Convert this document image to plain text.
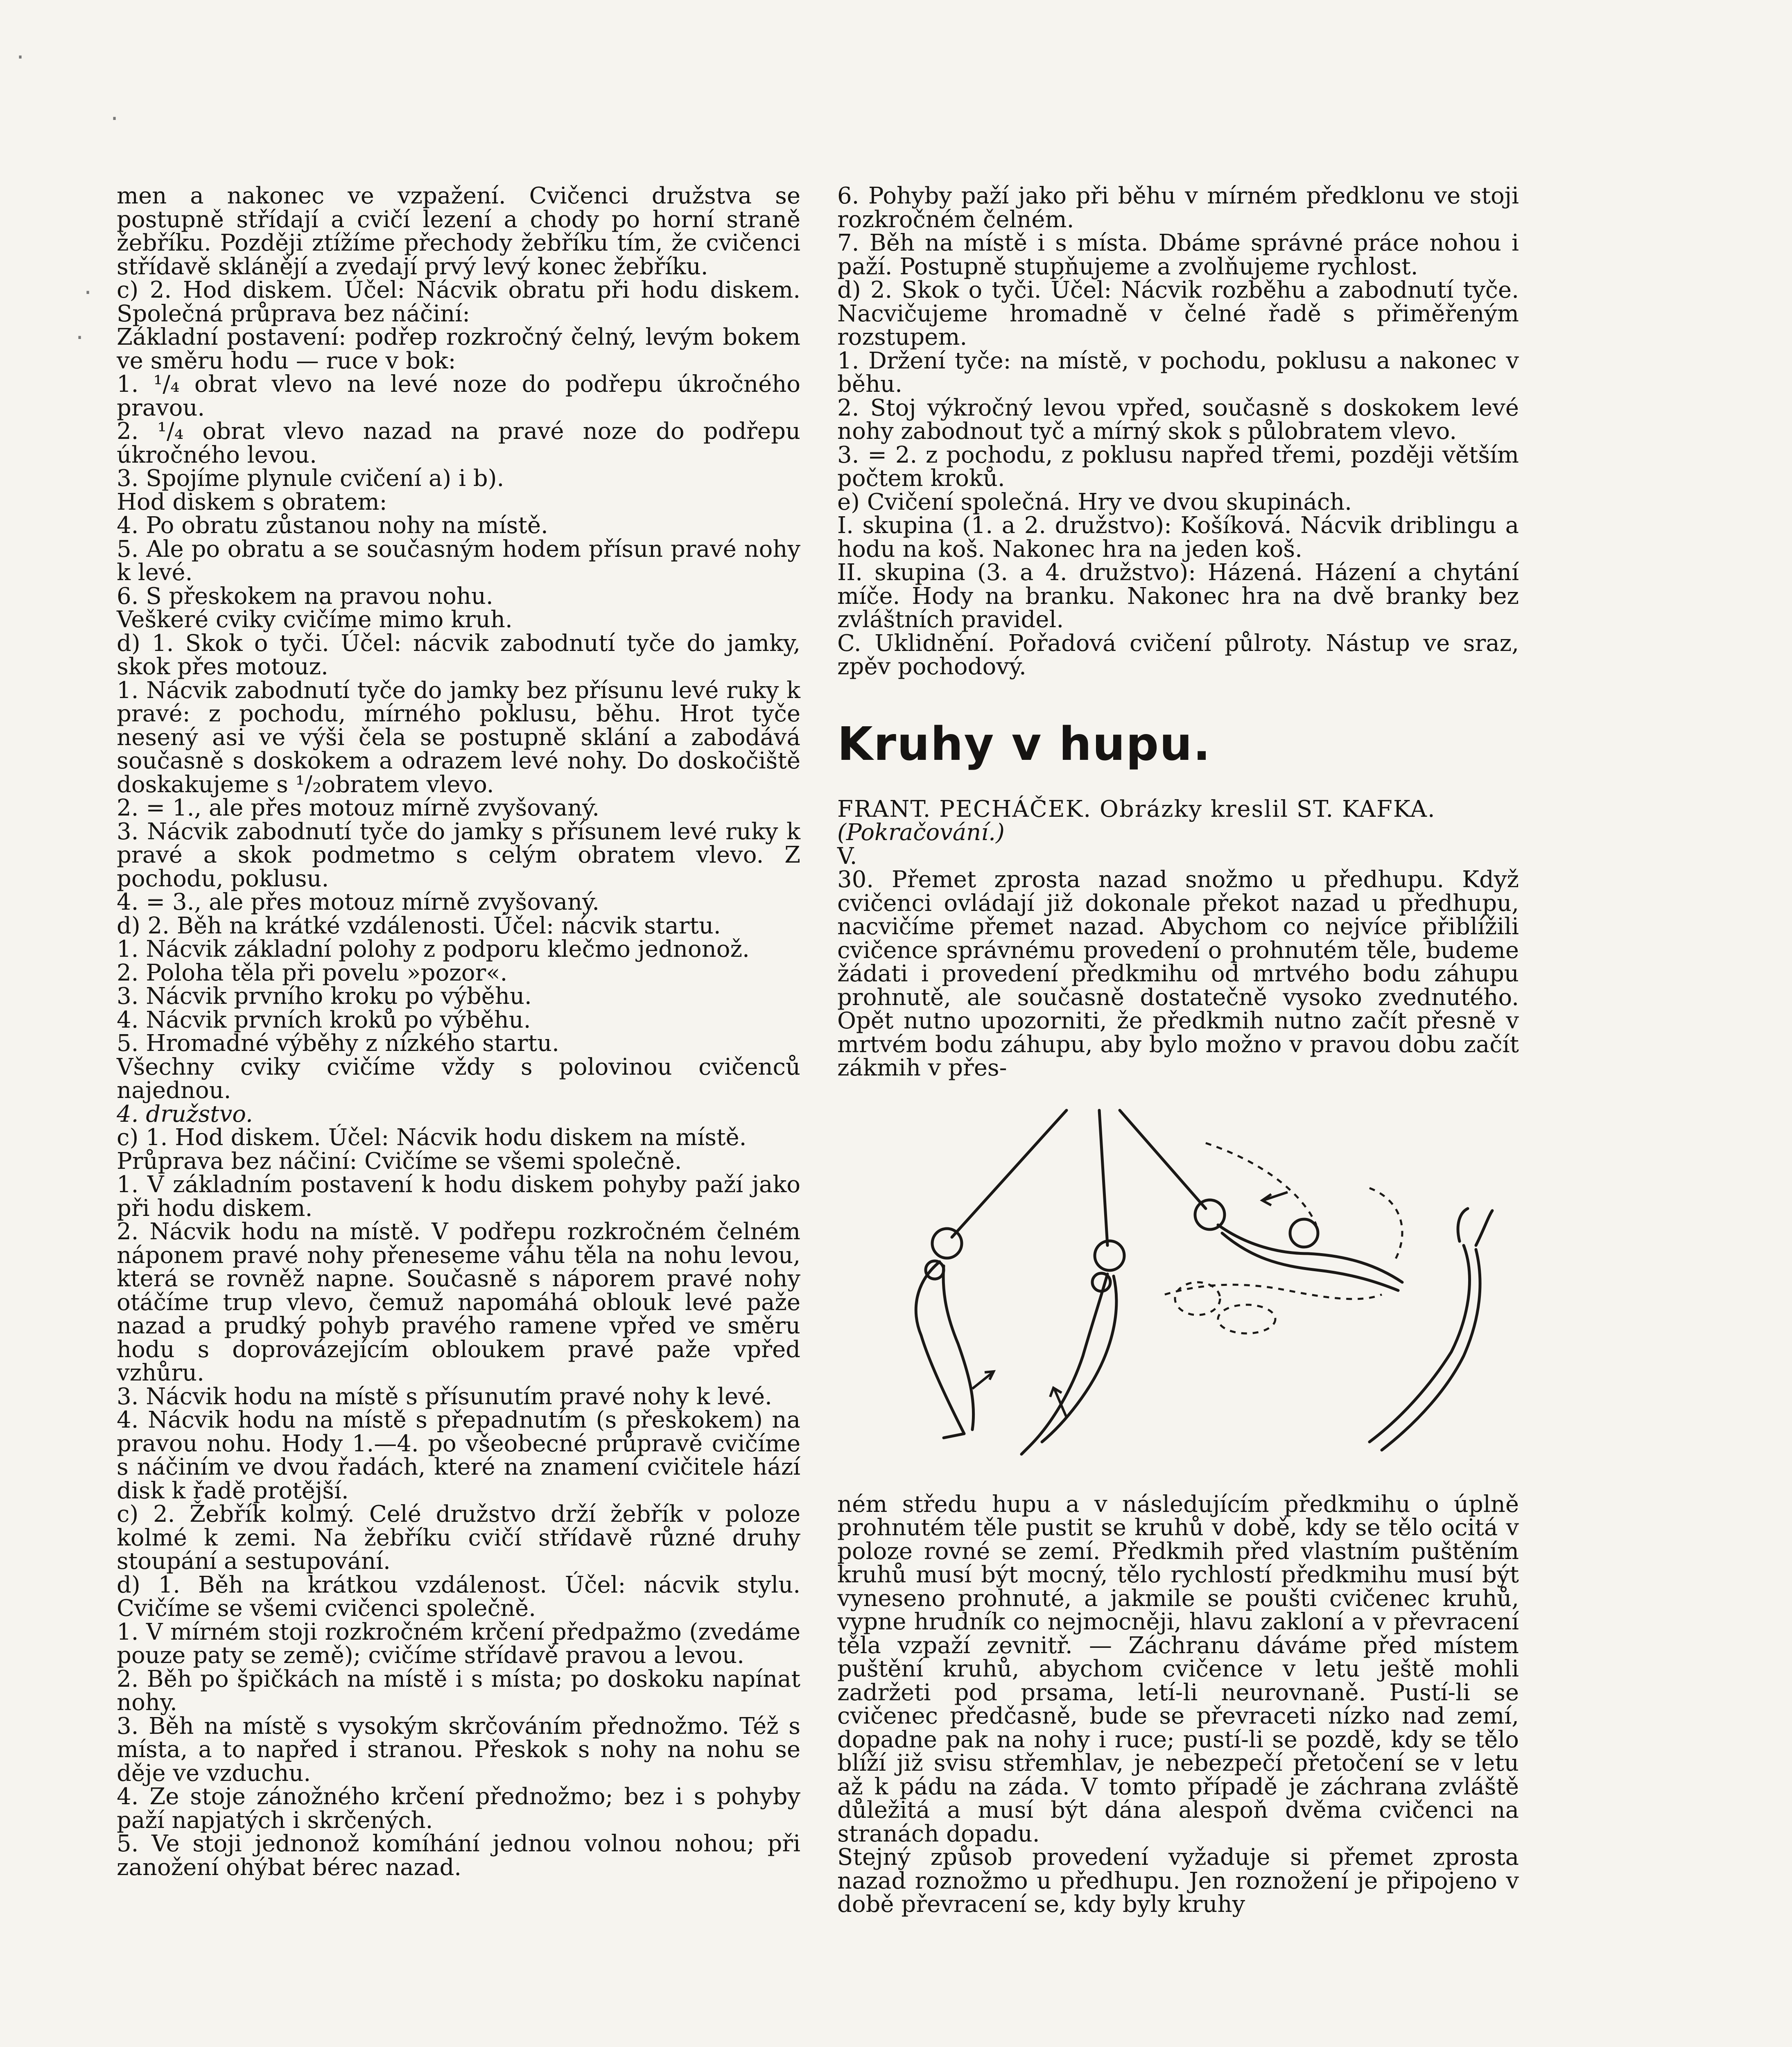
·
·
·
·

men a nakonec ve vzpažení. Cvičenci družstva se postupně střídají a cvičí lezení a chody po horní straně žebříku. Později ztížíme přechody žebříku tím, že cvičenci střídavě sklánějí a zvedají prvý levý konec žebříku.

c) 2. Hod diskem. Účel: Nácvik obratu při hodu diskem. Společná průprava bez náčiní:

Základní postavení: podřep rozkročný čelný, levým bokem ve směru hodu — ruce v bok:

1. ¹/₄ obrat vlevo na levé noze do podřepu úkročného pravou.

2. ¹/₄ obrat vlevo nazad na pravé noze do podřepu úkročného levou.

3. Spojíme plynule cvičení a) i b).

Hod diskem s obratem:

4. Po obratu zůstanou nohy na místě.

5. Ale po obratu a se současným hodem přísun pravé nohy k levé.

6. S přeskokem na pravou nohu.

Veškeré cviky cvičíme mimo kruh.

d) 1. Skok o tyči. Účel: nácvik zabodnutí tyče do jamky, skok přes motouz.

1. Nácvik zabodnutí tyče do jamky bez přísunu levé ruky k pravé: z pochodu, mírného poklusu, běhu. Hrot tyče nesený asi ve výši čela se postupně sklání a zabodává současně s doskokem a odrazem levé nohy. Do doskočiště doskakujeme s ¹/₂obratem vlevo.

2. = 1., ale přes motouz mírně zvyšovaný.

3. Nácvik zabodnutí tyče do jamky s přísunem levé ruky k pravé a skok podmetmo s celým obratem vlevo. Z pochodu, poklusu.

4. = 3., ale přes motouz mírně zvyšovaný.

d) 2. Běh na krátké vzdálenosti. Účel: nácvik startu.

1. Nácvik základní polohy z podporu klečmo jednonož.

2. Poloha těla při povelu »pozor«.

3. Nácvik prvního kroku po výběhu.

4. Nácvik prvních kroků po výběhu.

5. Hromadné výběhy z nízkého startu.

Všechny cviky cvičíme vždy s polovinou cvičenců najednou.

4. družstvo.

c) 1. Hod diskem. Účel: Nácvik hodu diskem na místě.

Průprava bez náčiní: Cvičíme se všemi společně.

1. V základním postavení k hodu diskem pohyby paží jako při hodu diskem.

2. Nácvik hodu na místě. V podřepu rozkročném čelném náponem pravé nohy přeneseme váhu těla na nohu levou, která se rovněž napne. Současně s náporem pravé nohy otáčíme trup vlevo, čemuž napomáhá oblouk levé paže nazad a prudký pohyb pravého ramene vpřed ve směru hodu s doprovázejícím obloukem pravé paže vpřed vzhůru.

3. Nácvik hodu na místě s přísunutím pravé nohy k levé.

4. Nácvik hodu na místě s přepadnutím (s přeskokem) na pravou nohu. Hody 1.—4. po všeobecné průpravě cvičíme s náčiním ve dvou řadách, které na znamení cvičitele hází disk k řadě protější.

c) 2. Žebřík kolmý. Celé družstvo drží žebřík v poloze kolmé k zemi. Na žebříku cvičí střídavě různé druhy stoupání a sestupování.

d) 1. Běh na krátkou vzdálenost. Účel: nácvik stylu. Cvičíme se všemi cvičenci společně.

1. V mírném stoji rozkročném krčení předpažmo (zvedáme pouze paty se země); cvičíme střídavě pravou a levou.

2. Běh po špičkách na místě i s místa; po doskoku napínat nohy.

3. Běh na místě s vysokým skrčováním přednožmo. Též s místa, a to napřed i stranou. Přeskok s nohy na nohu se děje ve vzduchu.

4. Ze stoje zánožného krčení přednožmo; bez i s pohyby paží napjatých i skrčených.

5. Ve stoji jednonož komíhání jednou volnou nohou; při zanožení ohýbat bérec nazad.

6. Pohyby paží jako při běhu v mírném předklonu ve stoji rozkročném čelném.

7. Běh na místě i s místa. Dbáme správné práce nohou i paží. Postupně stupňujeme a zvolňujeme rychlost.

d) 2. Skok o tyči. Účel: Nácvik rozběhu a zabodnutí tyče. Nacvičujeme hromadně v čelné řadě s přiměřeným rozstupem.

1. Držení tyče: na místě, v pochodu, poklusu a nakonec v běhu.

2. Stoj výkročný levou vpřed, současně s doskokem levé nohy zabodnout tyč a mírný skok s půlobratem vlevo.

3. = 2. z pochodu, z poklusu napřed třemi, později větším počtem kroků.

e) Cvičení společná. Hry ve dvou skupinách.

I. skupina (1. a 2. družstvo): Košíková. Nácvik driblingu a hodu na koš. Nakonec hra na jeden koš.

II. skupina (3. a 4. družstvo): Házená. Házení a chytání míče. Hody na branku. Nakonec hra na dvě branky bez zvláštních pravidel.

C. Uklidnění. Pořadová cvičení půlroty. Nástup ve sraz, zpěv pochodový.

Kruhy v hupu.

FRANT. PECHÁČEK. Obrázky kreslil ST. KAFKA.

(Pokračování.)

V.

30. Přemet zprosta nazad snožmo u předhupu. Když cvičenci ovládají již dokonale překot nazad u předhupu, nacvičíme přemet nazad. Abychom co nejvíce přiblížili cvičence správnému provedení o prohnutém těle, budeme žádati i provedení předkmihu od mrtvého bodu záhupu prohnutě, ale současně dostatečně vysoko zvednutého. Opět nutno upozorniti, že předkmih nutno začít přesně v mrtvém bodu záhupu, aby bylo možno v pravou dobu začít zákmih v přes-

ném středu hupu a v následujícím předkmihu o úplně prohnutém těle pustit se kruhů v době, kdy se tělo ocitá v poloze rovné se zemí. Předkmih před vlastním puštěním kruhů musí být mocný, tělo rychlostí předkmihu musí být vyneseno prohnuté, a jakmile se poušti cvičenec kruhů, vypne hrudník co nejmocněji, hlavu zakloní a v převracení těla vzpaží zevnitř. — Záchranu dáváme před místem puštění kruhů, abychom cvičence v letu ještě mohli zadržeti pod prsama, letí-li neurovnaně. Pustí-li se cvičenec předčasně, bude se převraceti nízko nad zemí, dopadne pak na nohy i ruce; pustí-li se pozdě, kdy se tělo blíží již svisu střemhlav, je nebezpečí přetočení se v letu až k pádu na záda. V tomto případě je záchrana zvláště důležitá a musí být dána alespoň dvěma cvičenci na stranách dopadu.

Stejný způsob provedení vyžaduje si přemet zprosta nazad roznožmo u předhupu. Jen roznožení je připojeno v době převracení se, kdy byly kruhy
